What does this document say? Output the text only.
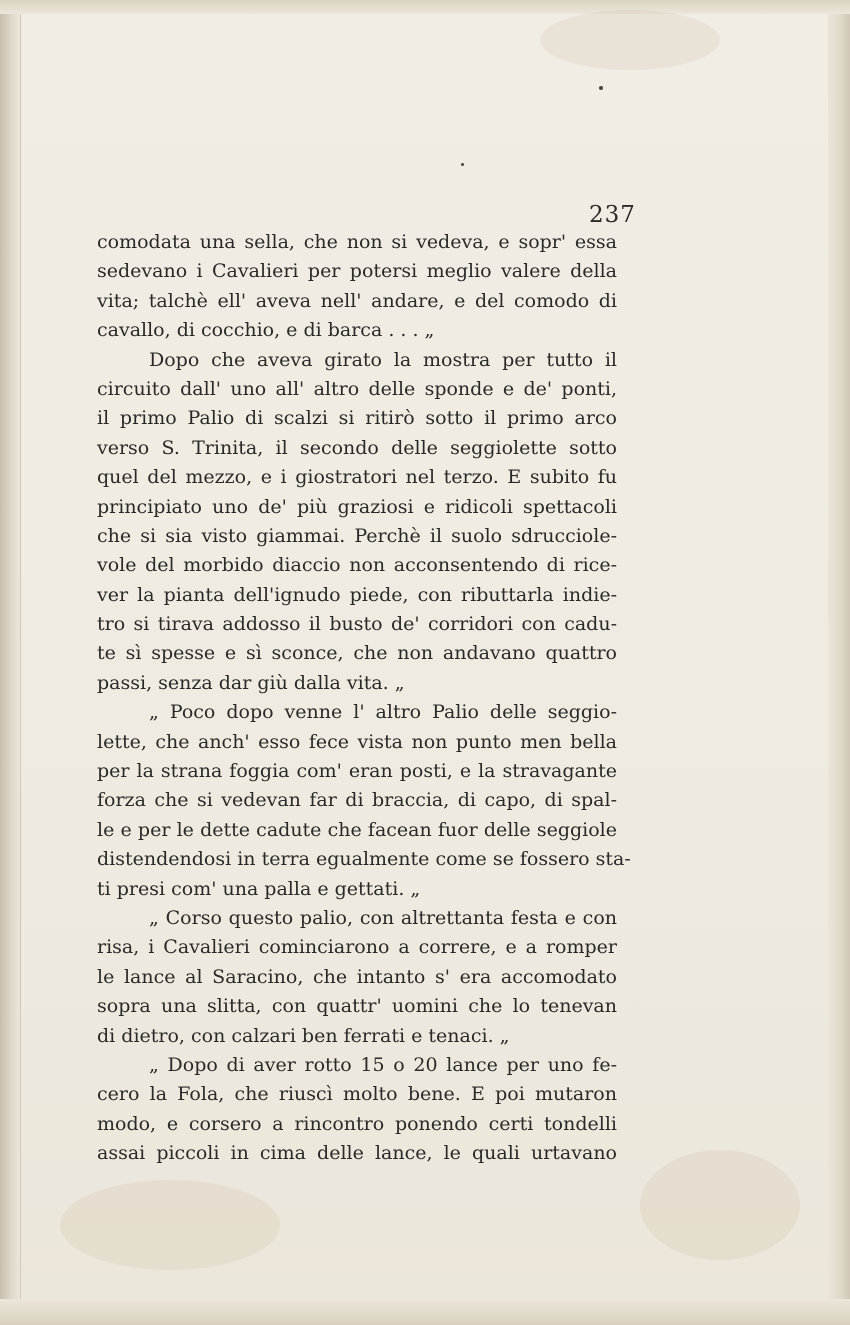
237
comodata una sella, che non si vedeva, e sopr' essa
sedevano i Cavalieri per potersi meglio valere della
vita; talchè ell' aveva nell' andare, e del comodo di
cavallo, di cocchio, e di barca . . . „
Dopo che aveva girato la mostra per tutto il
circuito dall' uno all' altro delle sponde e de' ponti,
il primo Palio di scalzi si ritirò sotto il primo arco
verso S. Trinita, il secondo delle seggiolette sotto
quel del mezzo, e i giostratori nel terzo. E subito fu
principiato uno de' più graziosi e ridicoli spettacoli
che si sia visto giammai. Perchè il suolo sdrucciole-
vole del morbido diaccio non acconsentendo di rice-
ver la pianta dell'ignudo piede, con ributtarla indie-
tro si tirava addosso il busto de' corridori con cadu-
te sì spesse e sì sconce, che non andavano quattro
passi, senza dar giù dalla vita. „
„ Poco dopo venne l' altro Palio delle seggio-
lette, che anch' esso fece vista non punto men bella
per la strana foggia com' eran posti, e la stravagante
forza che si vedevan far di braccia, di capo, di spal-
le e per le dette cadute che facean fuor delle seggiole
distendendosi in terra egualmente come se fossero sta-
ti presi com' una palla e gettati. „
„ Corso questo palio, con altrettanta festa e con
risa, i Cavalieri cominciarono a correre, e a romper
le lance al Saracino, che intanto s' era accomodato
sopra una slitta, con quattr' uomini che lo tenevan
di dietro, con calzari ben ferrati e tenaci. „
„ Dopo di aver rotto 15 o 20 lance per uno fe-
cero la Fola, che riuscì molto bene. E poi mutaron
modo, e corsero a rincontro ponendo certi tondelli
assai piccoli in cima delle lance, le quali urtavano
